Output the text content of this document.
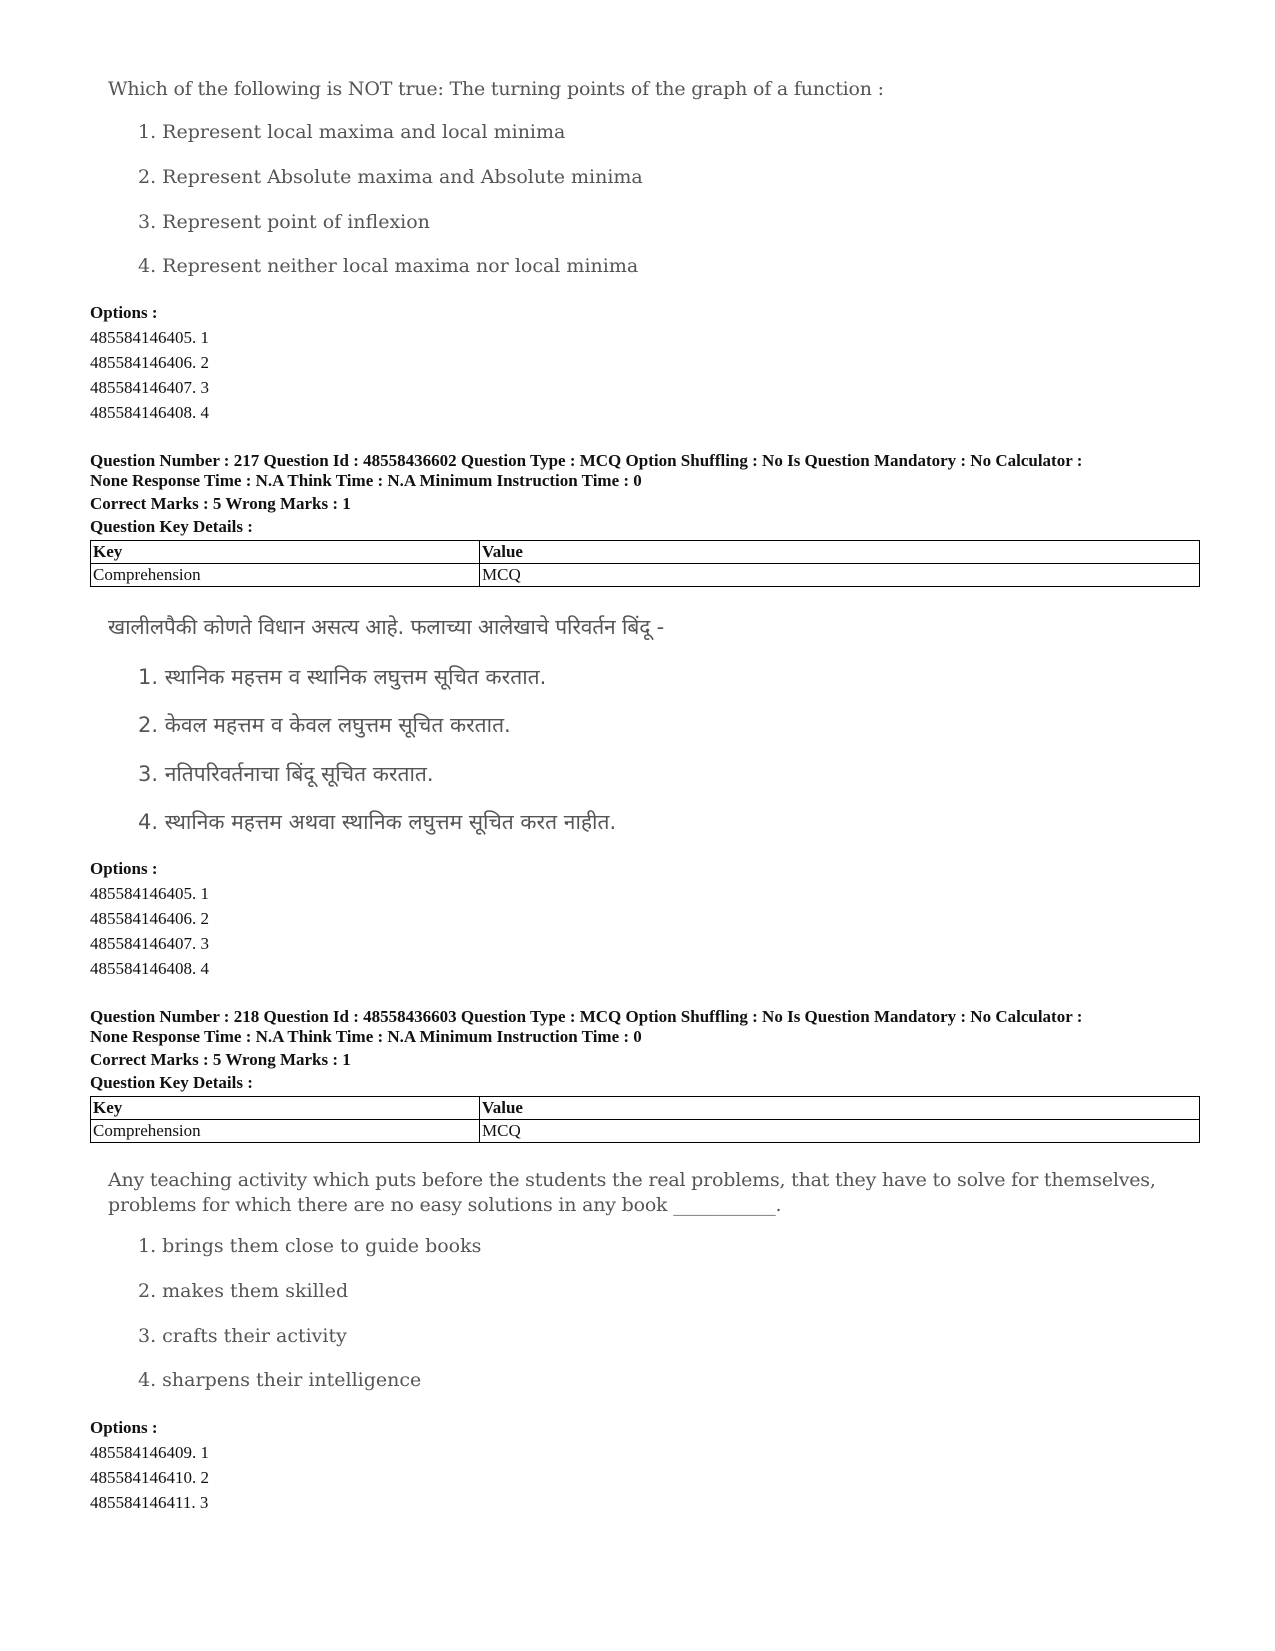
Which of the following is NOT true: The turning points of the graph of a function :
1. Represent local maxima and local minima
2. Represent Absolute maxima and Absolute minima
3. Represent point of inflexion
4. Represent neither local maxima nor local minima
Options :
485584146405. 1
485584146406. 2
485584146407. 3
485584146408. 4
Question Number : 217 Question Id : 48558436602 Question Type : MCQ Option Shuffling : No Is Question Mandatory : No Calculator :
None Response Time : N.A Think Time : N.A Minimum Instruction Time : 0
Correct Marks : 5 Wrong Marks : 1
Question Key Details :
Key	Value
Comprehension	MCQ
खालीलपैकी कोणते विधान असत्य आहे. फलाच्या आलेखाचे परिवर्तन बिंदू -
1. स्थानिक महत्तम व स्थानिक लघुत्तम सूचित करतात.
2. केवल महत्तम व केवल लघुत्तम सूचित करतात.
3. नतिपरिवर्तनाचा बिंदू सूचित करतात.
4. स्थानिक महत्तम अथवा स्थानिक लघुत्तम सूचित करत नाहीत.
Options :
485584146405. 1
485584146406. 2
485584146407. 3
485584146408. 4
Question Number : 218 Question Id : 48558436603 Question Type : MCQ Option Shuffling : No Is Question Mandatory : No Calculator :
None Response Time : N.A Think Time : N.A Minimum Instruction Time : 0
Correct Marks : 5 Wrong Marks : 1
Question Key Details :
Key	Value
Comprehension	MCQ
Any teaching activity which puts before the students the real problems, that they have to solve for themselves,
problems for which there are no easy solutions in any book ___________.
1. brings them close to guide books
2. makes them skilled
3. crafts their activity
4. sharpens their intelligence
Options :
485584146409. 1
485584146410. 2
485584146411. 3
